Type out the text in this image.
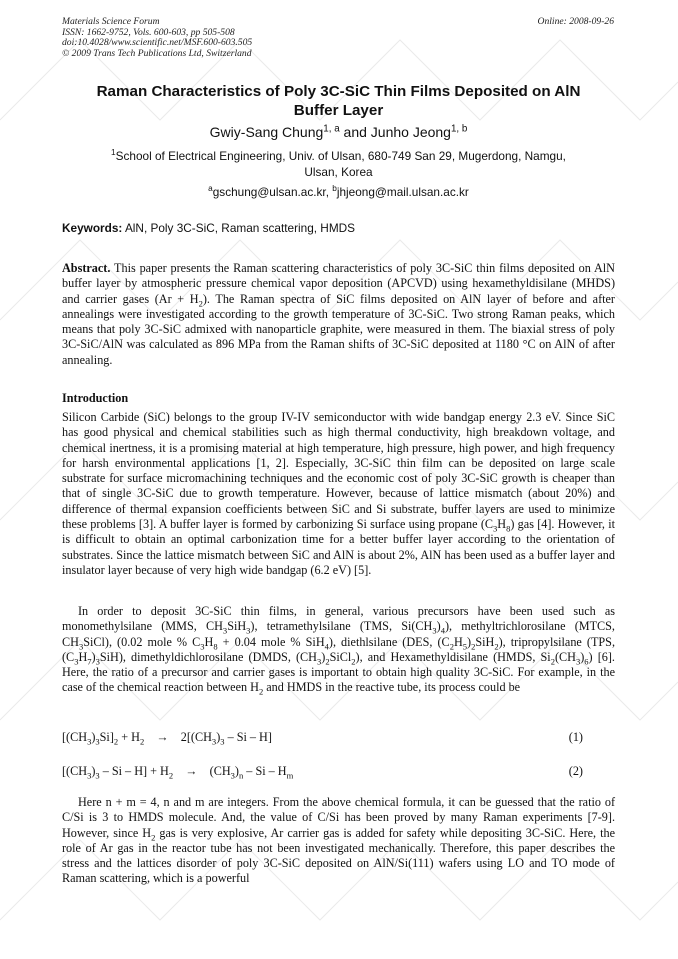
Materials Science Forum
ISSN: 1662-9752, Vols. 600-603, pp 505-508
doi:10.4028/www.scientific.net/MSF.600-603.505
© 2009 Trans Tech Publications Ltd, Switzerland
Online: 2008-09-26
Raman Characteristics of Poly 3C-SiC Thin Films Deposited on AlN
Buffer Layer
Gwiy-Sang Chung$^{1, a}$ and Junho Jeong$^{1, b}$
$^1$School of Electrical Engineering, Univ. of Ulsan, 680-749 San 29, Mugerdong, Namgu,
Ulsan, Korea
$^a$gschung@ulsan.ac.kr, $^b$jhjeong@mail.ulsan.ac.kr
Keywords: AlN, Poly 3C-SiC, Raman scattering, HMDS
Abstract. This paper presents the Raman scattering characteristics of poly 3C-SiC thin films deposited on AlN buffer layer by atmospheric pressure chemical vapor deposition (APCVD) using hexamethyldisilane (MHDS) and carrier gases $(Ar + H_2)$. The Raman spectra of SiC films deposited on AlN layer of before and after annealings were investigated according to the growth temperature of 3C-SiC. Two strong Raman peaks, which means that poly 3C-SiC admixed with nanoparticle graphite, were measured in them. The biaxial stress of poly 3C-SiC/AlN was calculated as 896 MPa from the Raman shifts of 3C-SiC deposited at 1180 °C on AlN of after annealing.
Introduction
Silicon Carbide (SiC) belongs to the group IV-IV semiconductor with wide bandgap energy 2.3 eV. Since SiC has good physical and chemical stabilities such as high thermal conductivity, high breakdown voltage, and chemical inertness, it is a promising material at high temperature, high pressure, high power, and high frequency for harsh environmental applications [1, 2]. Especially, 3C-SiC thin film can be deposited on large scale substrate for surface micromachining techniques and the economic cost of poly 3C-SiC growth is cheaper than that of single 3C-SiC due to growth temperature. However, because of lattice mismatch (about 20%) and difference of thermal expansion coefficients between SiC and Si substrate, buffer layers are used to minimize these problems [3]. A buffer layer is formed by carbonizing Si surface using propane $(C_3H_8)$ gas [4]. However, it is difficult to obtain an optimal carbonization time for a better buffer layer according to the orientation of substrates. Since the lattice mismatch between SiC and AlN is about 2%, AlN has been used as a buffer layer and insulator layer because of very high wide bandgap (6.2 eV) [5].
In order to deposit 3C-SiC thin films, in general, various precursors have been used such as monomethylsilane (MMS, $CH_3SiH_3$), tetramethylsilane (TMS, $Si(CH_3)_4$), methyltrichlorosilane (MTCS, $CH_3SiCl$), (0.02 mole % $C_3H_8 + 0.04$ mole % SiH$_4$), diethlsilane (DES, $(C_2H_5)_2SiH_2$), tripropylsilane (TPS, $(C_3H_7)_3SiH$), dimethyldichlorosilane (DMDS, $(CH_3)_2SiCl_2$), and Hexamethyldisilane (HMDS, $Si_2(CH_3)_6$) [6]. Here, the ratio of a precursor and carrier gases is important to obtain high quality 3C-SiC. For example, in the case of the chemical reaction between $H_2$ and HMDS in the reactive tube, its process could be
$[(CH_3)_3Si]_2 + H_2 \to 2[(CH_3)_3 - Si - H]$	(1)
$[(CH_3)_3 - Si - H] + H_2 \to (CH_3)_n - Si - H_m$	(2)
Here n + m = 4, n and m are integers. From the above chemical formula, it can be guessed that the ratio of C/Si is 3 to HMDS molecule. And, the value of C/Si has been proved by many Raman experiments [7-9]. However, since $H_2$ gas is very explosive, Ar carrier gas is added for safety while depositing 3C-SiC. Here, the role of Ar gas in the reactor tube has not been investigated mechanically. Therefore, this paper describes the stress and the lattices disorder of poly 3C-SiC deposited on AlN/Si(111) wafers using LO and TO mode of Raman scattering, which is a powerful
